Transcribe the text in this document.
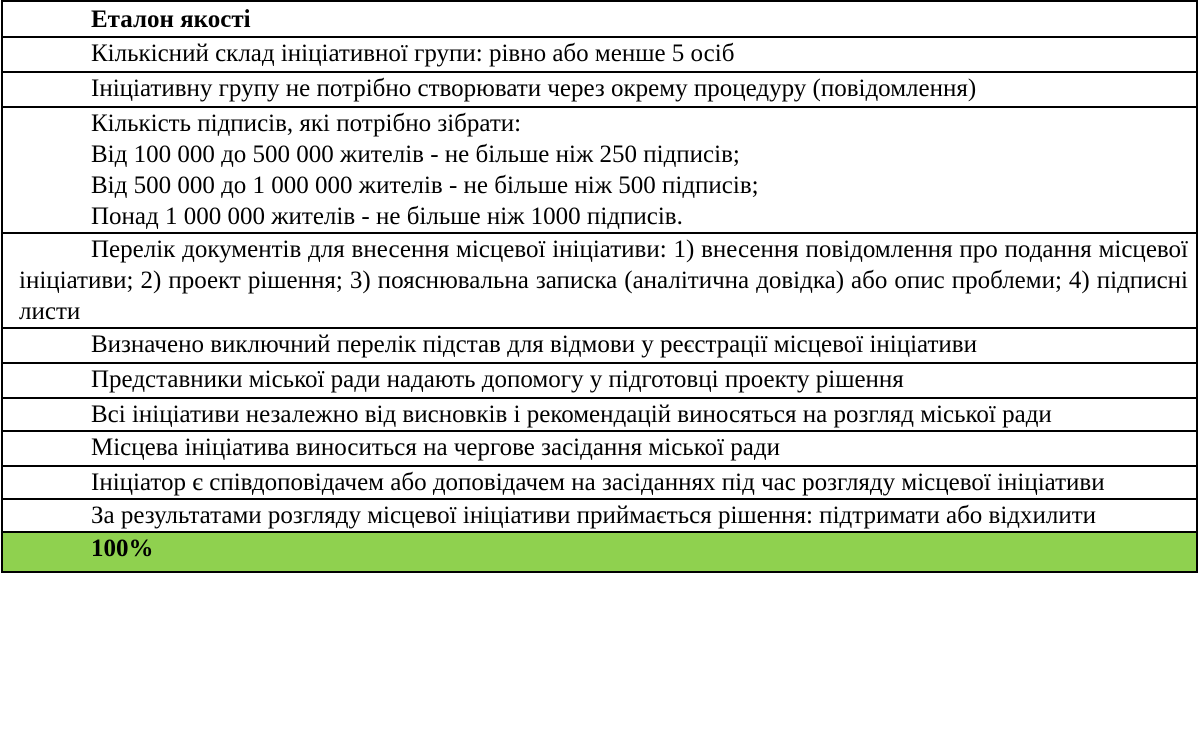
Еталон якості
Кількісний склад ініціативної групи: рівно або менше 5 осіб
Ініціативну групу не потрібно створювати через окрему процедуру (повідомлення)

Кількість підписів, які потрібно зібрати:
Від 100 000 до 500 000 жителів - не більше ніж 250 підписів;
Від 500 000 до 1 000 000 жителів - не більше ніж 500 підписів;
Понад 1 000 000 жителів - не більше ніж 1000 підписів.

Перелік документів для внесення місцевої ініціативи: 1) внесення повідомлення про подання місцевої ініціативи; 2) проект рішення; 3) пояснювальна записка (аналітична довідка) або опис проблеми; 4) підписні листи
Визначено виключний перелік підстав для відмови у реєстрації місцевої ініціативи
Представники міської ради надають допомогу у підготовці проекту рішення
Всі ініціативи незалежно від висновків і рекомендацій виносяться на розгляд міської ради
Місцева ініціатива виноситься на чергове засідання міської ради
Ініціатор є співдоповідачем або доповідачем на засіданнях під час розгляду місцевої ініціативи
За результатами розгляду місцевої ініціативи приймається рішення: підтримати або відхилити
100%
